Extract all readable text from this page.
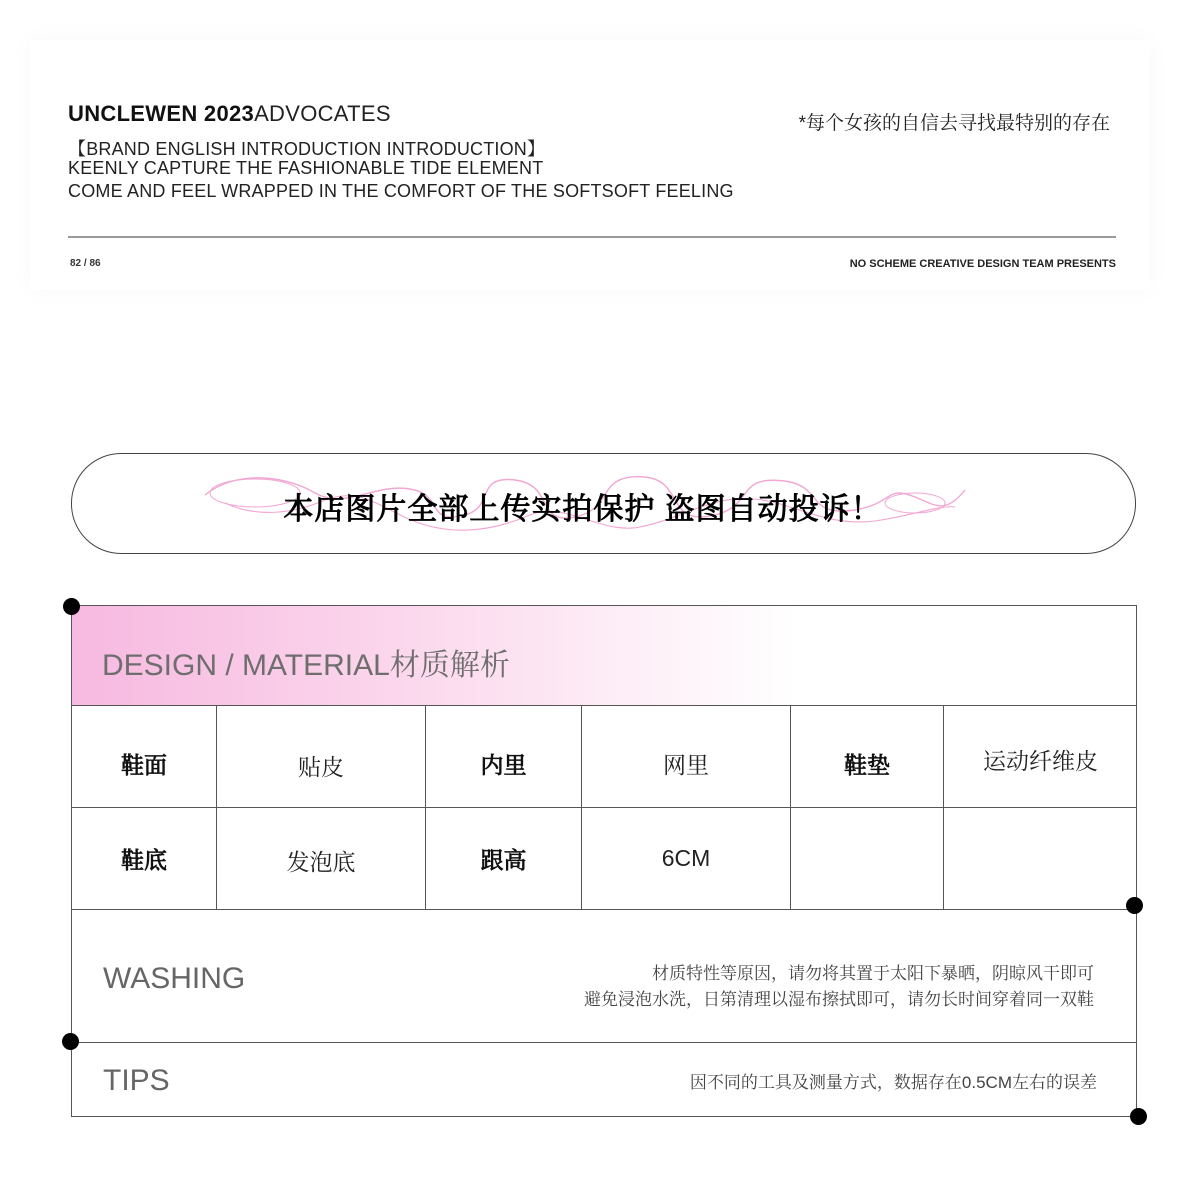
UNCLEWEN 2023ADVOCATES	*每个女孩的自信去寻找最特别的存在
【BRAND ENGLISH INTRODUCTION INTRODUCTION】
KEENLY CAPTURE THE FASHIONABLE TIDE ELEMENT
COME AND FEEL WRAPPED IN THE COMFORT OF THE SOFTSOFT FEELING
82 / 86	NO SCHEME CREATIVE DESIGN TEAM PRESENTS
本店图片全部上传实拍保护 盗图自动投诉！
DESIGN / MATERIAL材质解析
鞋面	贴皮	内里	网里	鞋垫	运动纤维皮
鞋底	发泡底	跟高	6CM
WASHING	材质特性等原因，请勿将其置于太阳下暴晒，阴晾风干即可
避免浸泡水洗，日第清理以湿布擦拭即可，请勿长时间穿着同一双鞋
TIPS	因不同的工具及测量方式，数据存在0.5CM左右的误差
